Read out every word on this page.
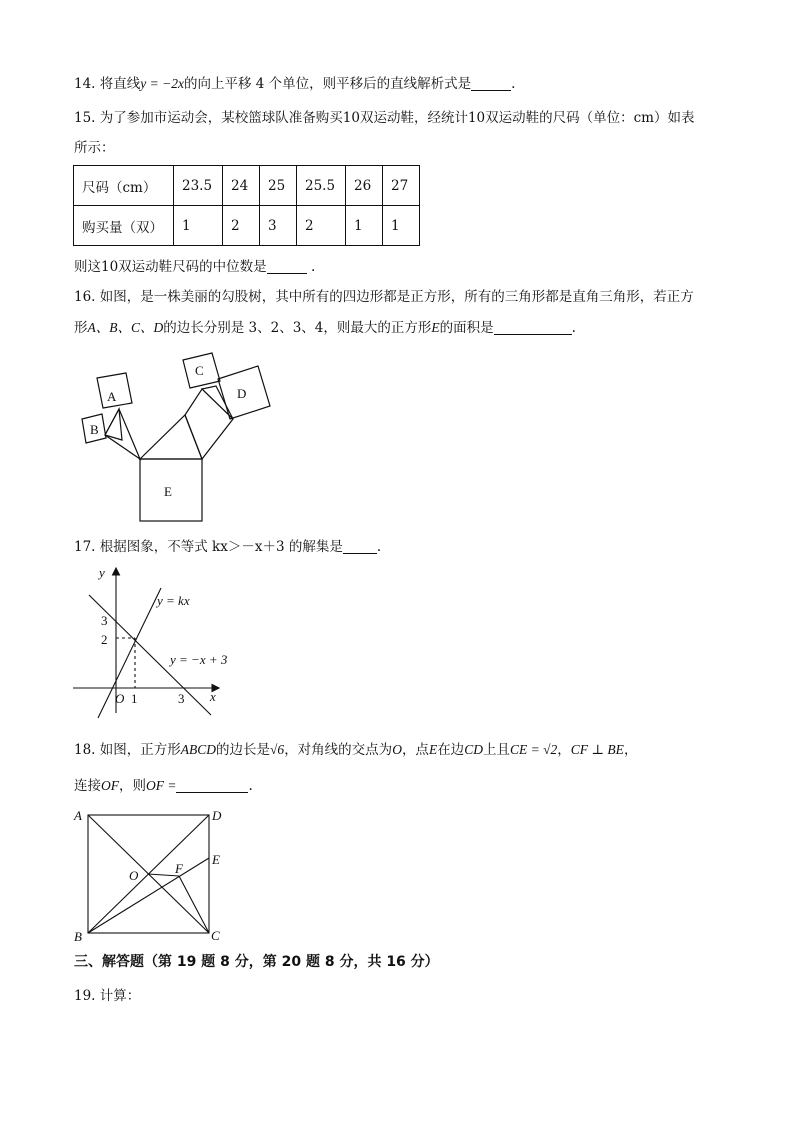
14. 将直线y = −2x的向上平移 4 个单位，则平移后的直线解析式是	.
15. 为了参加市运动会，某校篮球队准备购买10双运动鞋，经统计10双运动鞋的尺码（单位：cm）如表
所示：
尺码（cm）	23.5	24	25	25.5	26	27
购买量（双）	1	2	3	2	1	1
则这10双运动鞋尺码的中位数是	.
16. 如图，是一株美丽的勾股树，其中所有的四边形都是正方形，所有的三角形都是直角三角形，若正方
形A、B、C、D的边长分别是 3、2、3、4，则最大的正方形E的面积是	.
A
B
C
D
E
17. 根据图象，不等式 kx＞－x＋3 的解集是	.
y
x
O
3
2
1	3
y = kx
y = −x + 3
18. 如图，正方形ABCD的边长是√6，对角线的交点为O，点E在边CD上且CE = √2，CF ⊥ BE，
连接OF，则OF =	.
A	D
B	C
E
F
O
三、解答题（第 19 题 8 分，第 20 题 8 分，共 16 分）
19. 计算：
